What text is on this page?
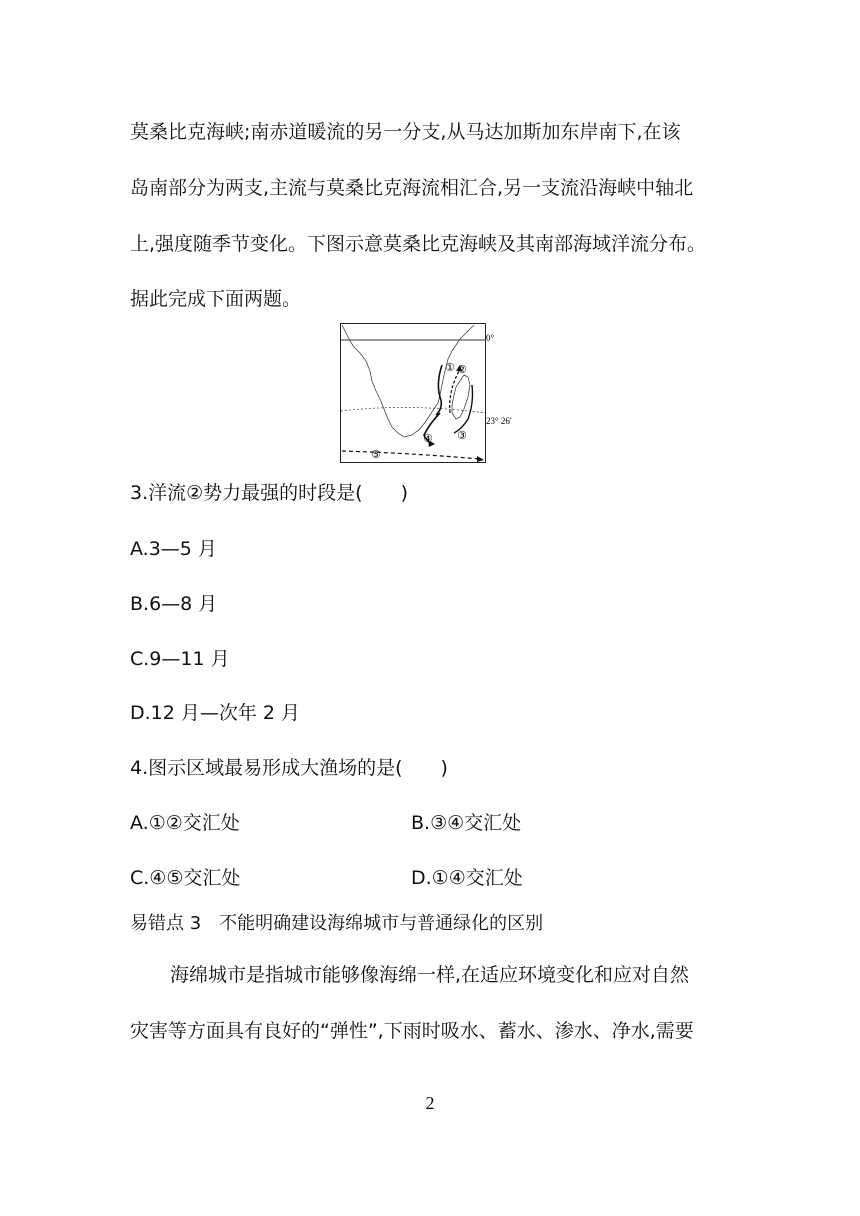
莫桑比克海峡;南赤道暖流的另一分支,从马达加斯加东岸南下,在该
岛南部分为两支,主流与莫桑比克海流相汇合,另一支流沿海峡中轴北
上,强度随季节变化。下图示意莫桑比克海峡及其南部海域洋流分布。
据此完成下面两题。
0°
23° 26′
① ②
③
④
⑤
3.洋流②势力最强的时段是(　　)
A.3—5 月
B.6—8 月
C.9—11 月
D.12 月—次年 2 月
4.图示区域最易形成大渔场的是(　　)
A.①②交汇处	B.③④交汇处
C.④⑤交汇处	D.①④交汇处
易错点 3　不能明确建设海绵城市与普通绿化的区别
海绵城市是指城市能够像海绵一样,在适应环境变化和应对自然
灾害等方面具有良好的“弹性”,下雨时吸水、蓄水、渗水、净水,需要
2
